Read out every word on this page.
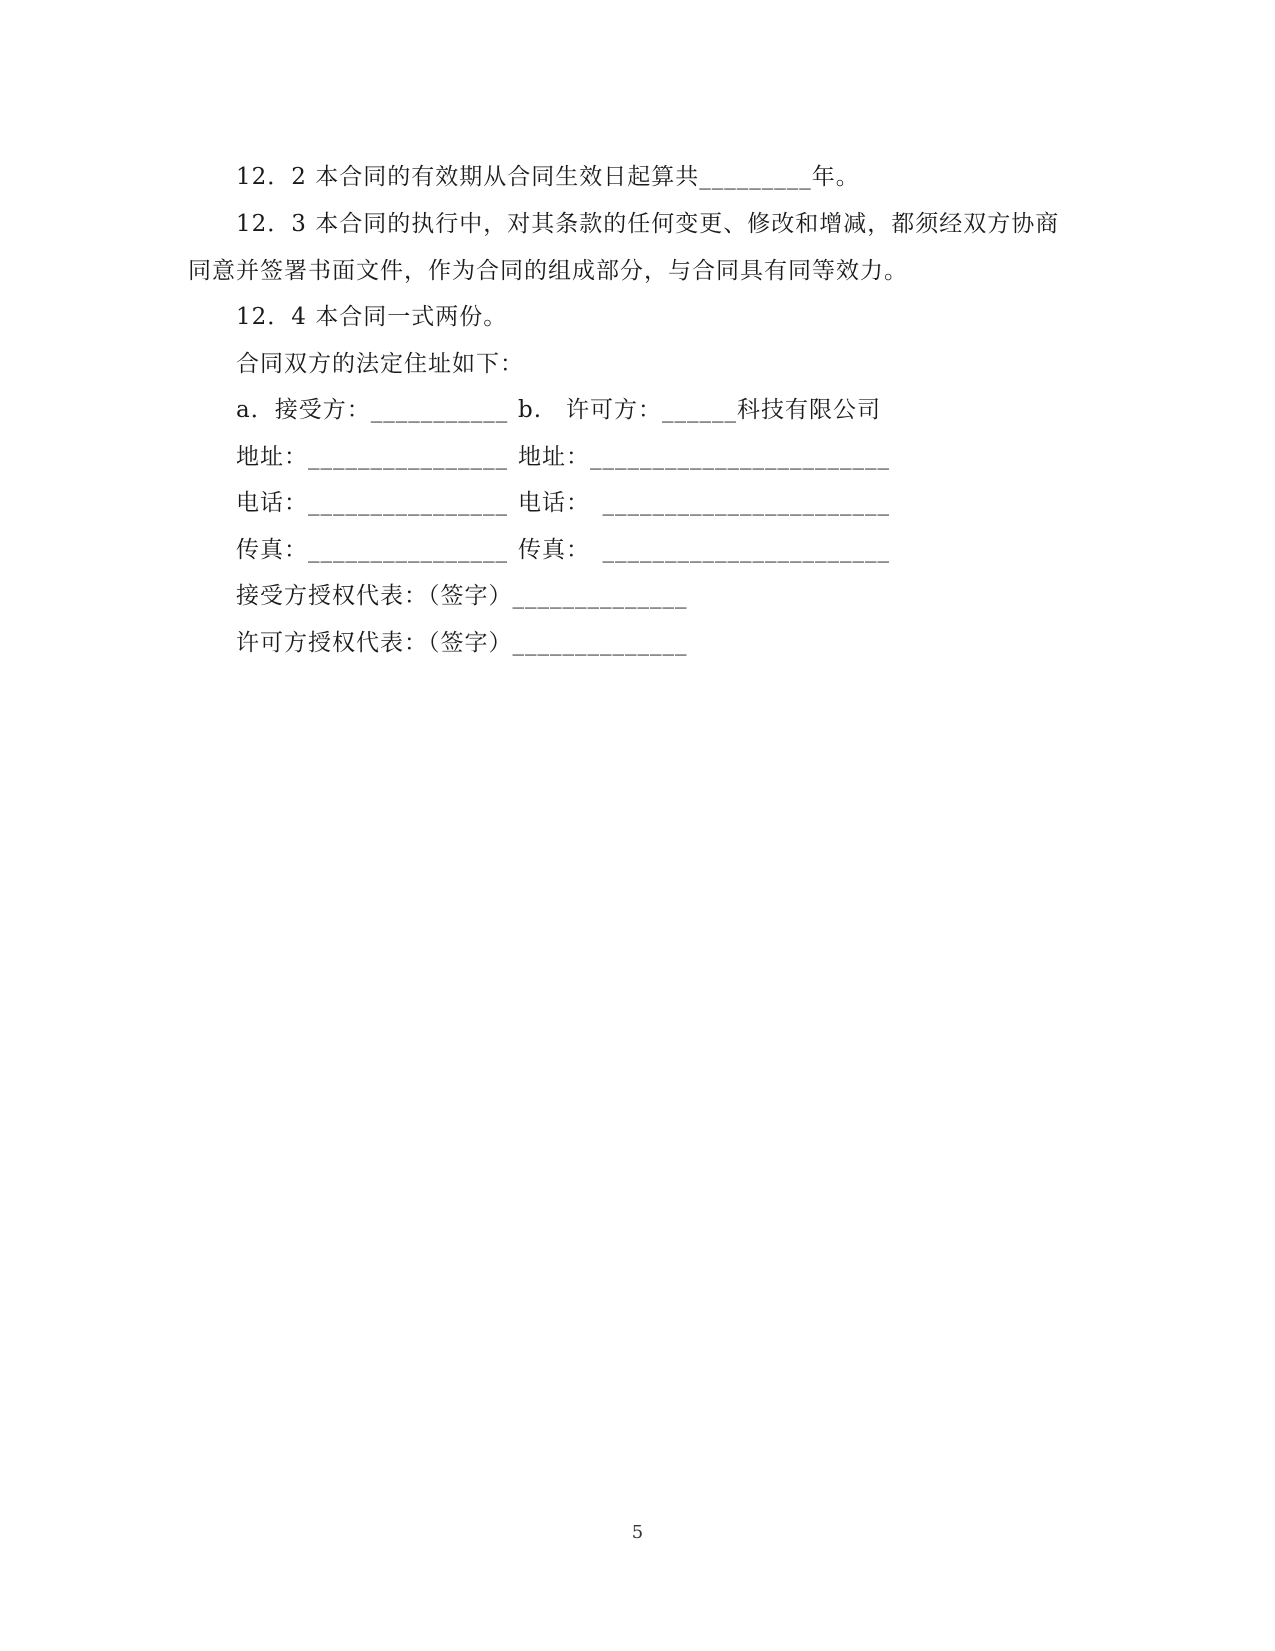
12．2 本合同的有效期从合同生效日起算共_________年。
12．3 本合同的执行中，对其条款的任何变更、修改和增减，都须经双方协商
同意并签署书面文件，作为合同的组成部分，与合同具有同等效力。
12．4 本合同一式两份。
合同双方的法定住址如下：
a．接受方：___________ b.　许可方：______科技有限公司
地址：________________ 地址：________________________
电话：________________ 电话：　_______________________
传真：________________ 传真：　_______________________
接受方授权代表：（签字）______________
许可方授权代表：（签字）______________
5
